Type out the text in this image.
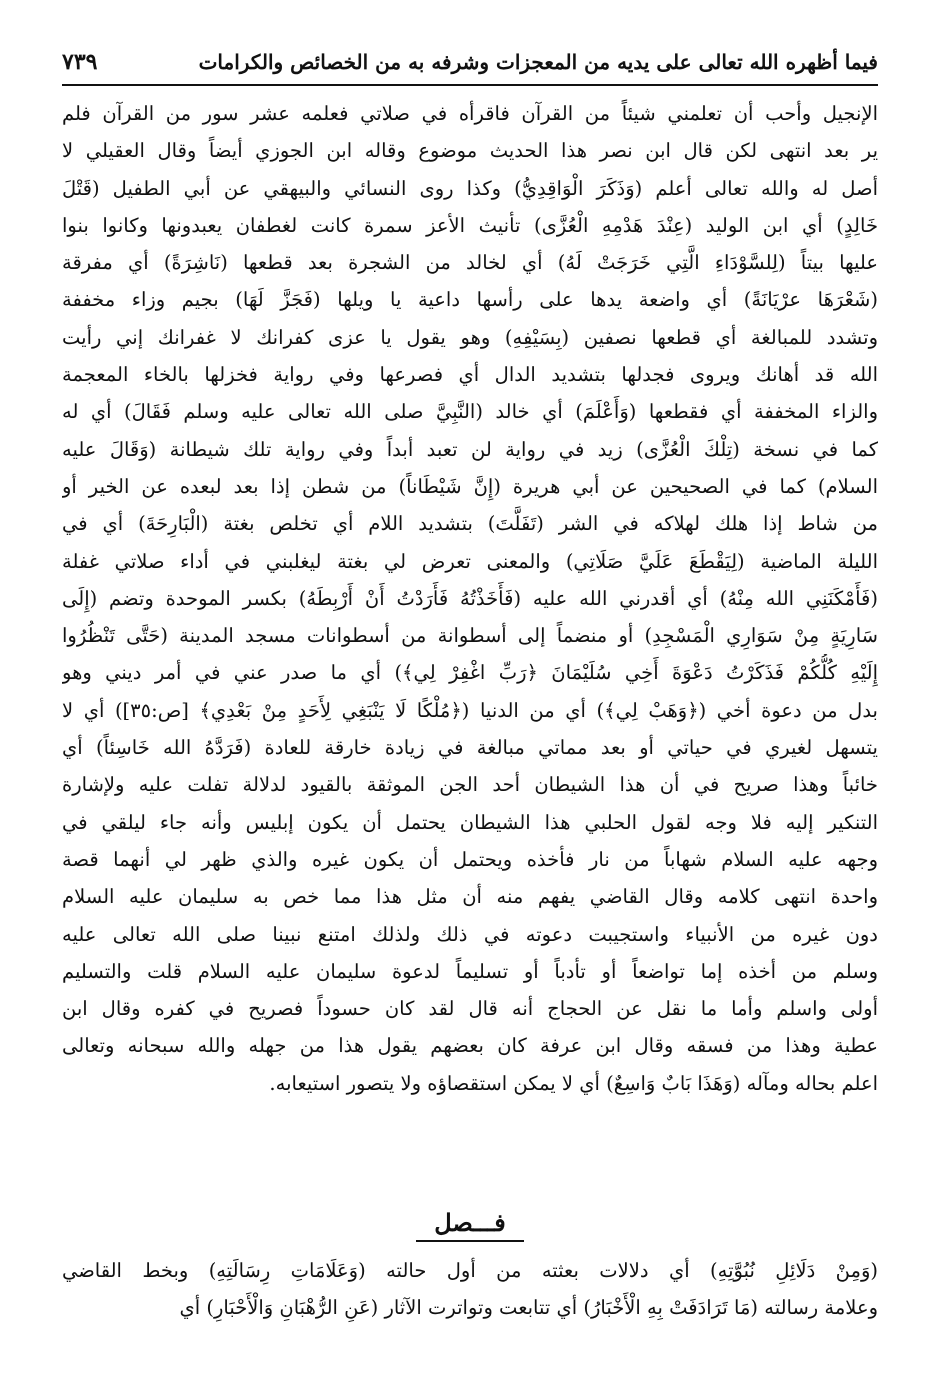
فيما أظهره الله تعالى على يديه من المعجزات وشرفه به من الخصائص والكرامات
٧٣٩
الإنجيل وأحب أن تعلمني شيئاً من القرآن فاقرأه في صلاتي فعلمه عشر سور من القرآن فلم
ير بعد انتهى لكن قال ابن نصر هذا الحديث موضوع وقاله ابن الجوزي أيضاً وقال العقيلي لا
أصل له والله تعالى أعلم (وَذَكَرَ الْوَاقِدِيُّ) وكذا روى النسائي والبيهقي عن أبي الطفيل (قَتْلَ
خَالِدٍ) أي ابن الوليد (عِنْدَ هَدْمِهِ الْعُزَّى) تأنيث الأعز سمرة كانت لغطفان يعبدونها وكانوا بنوا
عليها بيتاً (لِلسَّوْدَاءِ الَّتِي خَرَجَتْ لَهُ) أي لخالد من الشجرة بعد قطعها (نَاشِرَةً) أي مفرقة
(شَعْرَهَا عرْيَانَةً) أي واضعة يدها على رأسها داعية يا ويلها (فَجَزَّ لَهَا) بجيم وزاء مخففة
وتشدد للمبالغة أي قطعها نصفين (بِسَيْفِهِ) وهو يقول يا عزى كفرانك لا غفرانك إني رأيت
الله قد أهانك ويروى فجدلها بتشديد الدال أي فصرعها وفي رواية فخزلها بالخاء المعجمة
والزاء المخففة أي فقطعها (وَأَعْلَمَ) أي خالد (النَّبِيَّ صلى الله تعالى عليه وسلم فَقَالَ) أي له
كما في نسخة (تِلْكَ الْعُزَّى) زيد في رواية لن تعبد أبداً وفي رواية تلك شيطانة (وَقَالَ عليه
السلام) كما في الصحيحين عن أبي هريرة (إِنَّ شَيْطَاناً) من شطن إذا بعد لبعده عن الخير أو
من شاط إذا هلك لهلاكه في الشر (تَفَلَّتَ) بتشديد اللام أي تخلص بغتة (الْبَارِحَةَ) أي في
الليلة الماضية (لِيَقْطَعَ عَلَيَّ صَلَاتِي) والمعنى تعرض لي بغتة ليغلبني في أداء صلاتي غفلة
(فَأَمْكَنَنِي الله مِنْهُ) أي أقدرني الله عليه (فَأَخَذْتُهُ فَأَرَدْتُ أَنْ أَرْبِطَهُ) بكسر الموحدة وتضم (إِلَى
سَارِيَةٍ مِنْ سَوَارِي الْمَسْجِدِ) أو منضماً إلى أسطوانة من أسطوانات مسجد المدينة (حَتَّى تَنْظُرُوا
إِلَيْهِ كُلُّكُمْ فَذَكَرْتُ دَعْوَةَ أَخِي سُلَيْمَانَ ﴿رَبِّ اغْفِرْ لِي﴾) أي ما صدر عني في أمر ديني وهو
بدل من دعوة أخي (﴿وَهَبْ لِي﴾) أي من الدنيا (﴿مُلْكًا لَا يَنْبَغِي لِأَحَدٍ مِنْ بَعْدِي﴾ [ص:٣٥]) أي لا
يتسهل لغيري في حياتي أو بعد مماتي مبالغة في زيادة خارقة للعادة (فَرَدَّهُ الله خَاسِئاً) أي
خائباً وهذا صريح في أن هذا الشيطان أحد الجن الموثقة بالقيود لدلالة تفلت عليه ولإشارة
التنكير إليه فلا وجه لقول الحلبي هذا الشيطان يحتمل أن يكون إبليس وأنه جاء ليلقي في
وجهه عليه السلام شهاباً من نار فأخذه ويحتمل أن يكون غيره والذي ظهر لي أنهما قصة
واحدة انتهى كلامه وقال القاضي يفهم منه أن مثل هذا مما خص به سليمان عليه السلام
دون غيره من الأنبياء واستجيبت دعوته في ذلك ولذلك امتنع نبينا صلى الله تعالى عليه
وسلم من أخذه إما تواضعاً أو تأدباً أو تسليماً لدعوة سليمان عليه السلام قلت والتسليم
أولى واسلم وأما ما نقل عن الحجاج أنه قال لقد كان حسوداً فصريح في كفره وقال ابن
عطية وهذا من فسقه وقال ابن عرفة كان بعضهم يقول هذا من جهله والله سبحانه وتعالى
اعلم بحاله ومآله (وَهَذَا بَابٌ وَاسِعٌ) أي لا يمكن استقصاؤه ولا يتصور استيعابه.
فـــصل
(وَمِنْ دَلَائِلِ نُبُوَّتِهِ) أي دلالات بعثته من أول حالته (وَعَلَامَاتِ رِسَالَتِهِ) وبخط القاضي
وعلامة رسالته (مَا تَرَادَفَتْ بِهِ الْأَخْبَارُ) أي تتابعت وتواترت الآثار (عَنِ الرُّهْبَانِ وَالْأَحْبَارِ) أي
